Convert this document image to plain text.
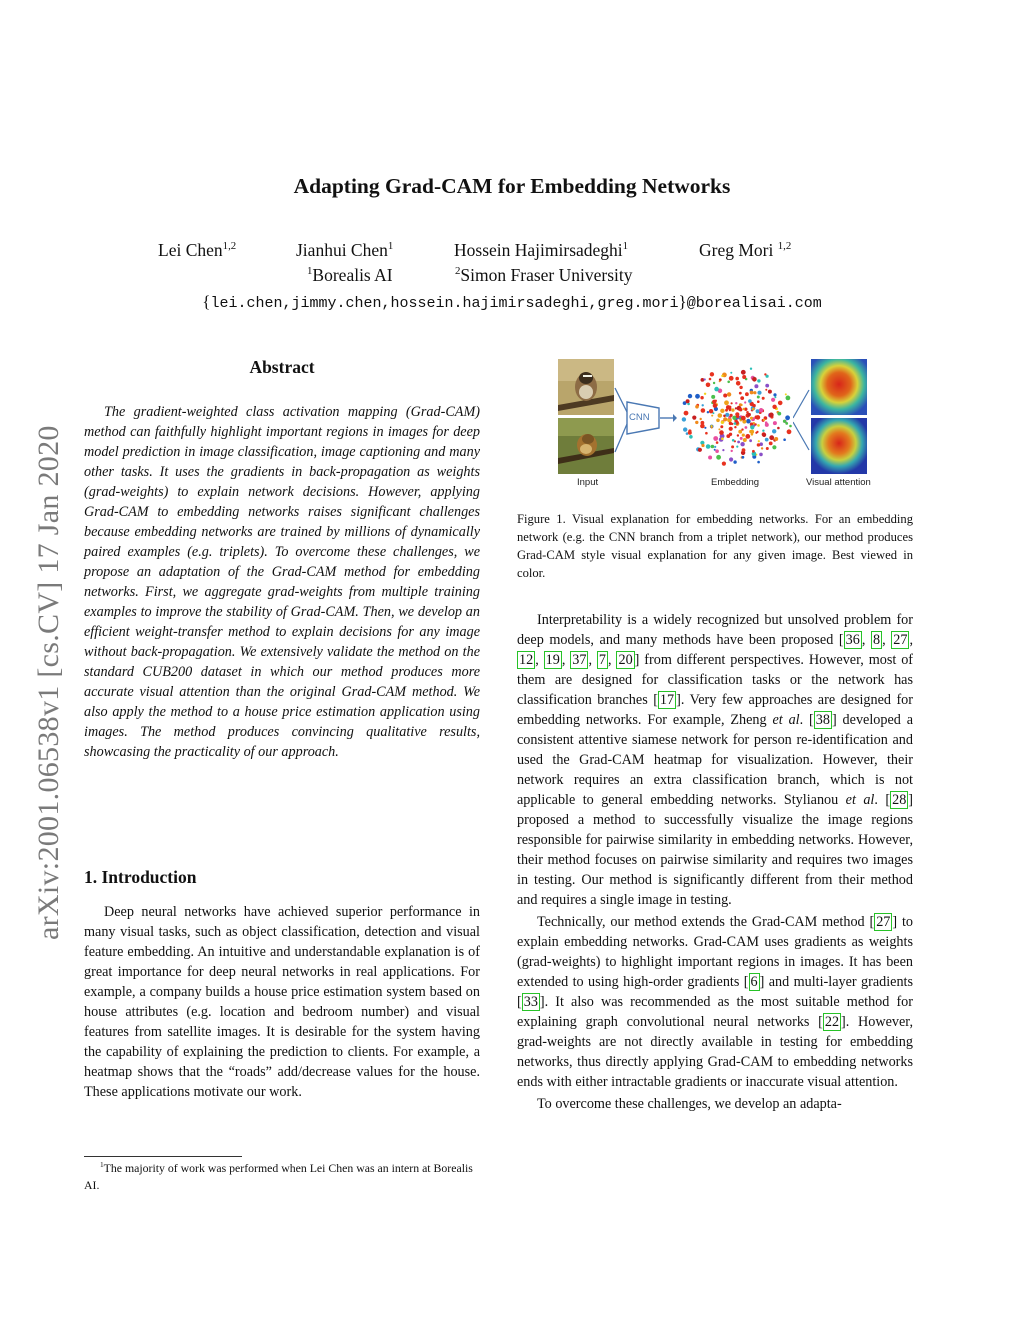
Adapting Grad-CAM for Embedding Networks
Lei Chen$^{1,2}$	Jianhui Chen$^1$	Hossein Hajimirsadeghi$^1$	Greg Mori $^{1,2}$
$^1$Borealis AI	$^2$Simon Fraser University
{lei.chen,jimmy.chen,hossein.hajimirsadeghi,greg.mori}@borealisai.com
arXiv:2001.06538v1 [cs.CV] 17 Jan 2020
Abstract

The gradient-weighted class activation mapping (Grad-CAM) method can faithfully highlight important regions in images for deep model prediction in image classification, image captioning and many other tasks. It uses the gradients in back-propagation as weights (grad-weights) to explain network decisions. However, applying Grad-CAM to embedding networks raises significant challenges because embedding networks are trained by millions of dynamically paired examples (e.g. triplets). To overcome these challenges, we propose an adaptation of the Grad-CAM method for embedding networks. First, we aggregate grad-weights from multiple training examples to improve the stability of Grad-CAM. Then, we develop an efficient weight-transfer method to explain decisions for any image without back-propagation. We extensively validate the method on the standard CUB200 dataset in which our method produces more accurate visual attention than the original Grad-CAM method. We also apply the method to a house price estimation application using images. The method produces convincing qualitative results, showcasing the practicality of our approach.

1. Introduction

Deep neural networks have achieved superior performance in many visual tasks, such as object classification, detection and visual feature embedding. An intuitive and understandable explanation is of great importance for deep neural networks in real applications. For example, a company builds a house price estimation system based on house attributes (e.g. location and bedroom number) and visual features from satellite images. It is desirable for the system having the capability of explaining the prediction to clients. For example, a heatmap shows that the “roads” add/decrease values for the house. These applications motivate our work.

$^1$The majority of work was performed when Lei Chen was an intern at Borealis AI.
CNN
Input	Embedding	Visual attention

Figure 1. Visual explanation for embedding networks. For an embedding network (e.g. the CNN branch from a triplet network), our method produces Grad-CAM style visual explanation for any given image. Best viewed in color.

Interpretability is a widely recognized but unsolved problem for deep models, and many methods have been proposed [ 36 , 8 , 27 , 12 , 19 , 37 , 7 , 20 ] from different perspectives. However, most of them are designed for classification tasks or the network has classification branches [ 17 ]. Very few approaches are designed for embedding networks. For example, Zheng et al. [ 38 ] developed a consistent attentive siamese network for person re-identification and used the Grad-CAM heatmap for visualization. However, their network requires an extra classification branch, which is not applicable to general embedding networks. Stylianou et al. [ 28 ] proposed a method to successfully visualize the image regions responsible for pairwise similarity in embedding networks. However, their method focuses on pairwise similarity and requires two images in testing. Our method is significantly different from their method and requires a single image in testing.

Technically, our method extends the Grad-CAM method [ 27 ] to explain embedding networks. Grad-CAM uses gradients as weights (grad-weights) to highlight important regions in images. It has been extended to using high-order gradients [ 6 ] and multi-layer gradients [ 33 ]. It also was recommended as the most suitable method for explaining graph convolutional neural networks [ 22 ]. However, grad-weights are not directly available in testing for embedding networks, thus directly applying Grad-CAM to embedding networks ends with either intractable gradients or inaccurate visual attention.

To overcome these challenges, we develop an adapta-
